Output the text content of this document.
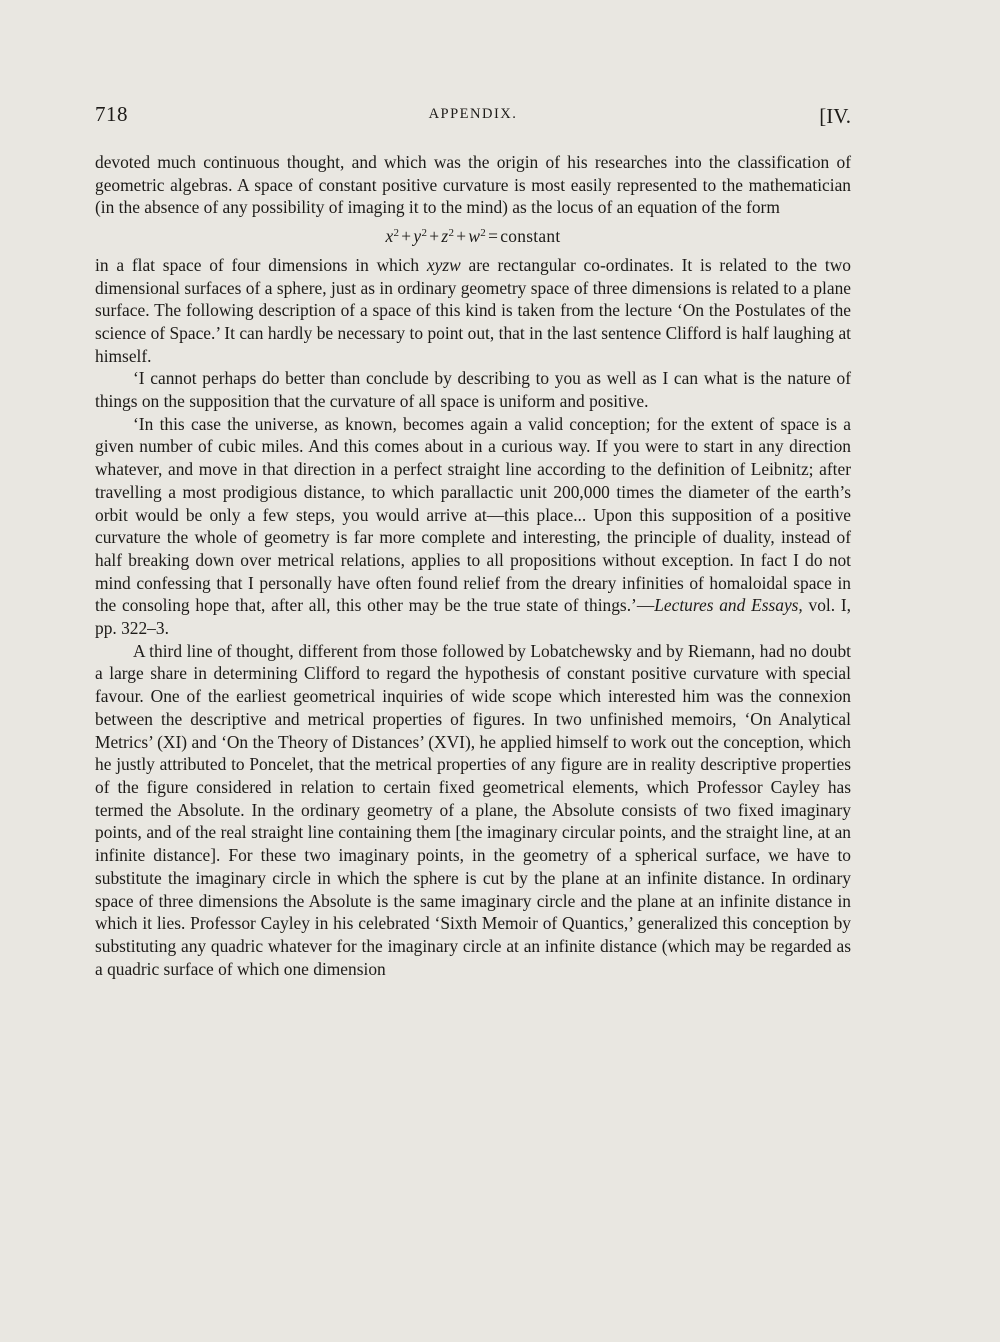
718	APPENDIX.	[IV.

devoted much continuous thought, and which was the origin of his researches into the classification of geometric algebras. A space of constant positive curvature is most easily represented to the mathematician (in the absence of any possibility of imaging it to the mind) as the locus of an equation of the form

$x^2 + y^2 + z^2 + w^2$ = constant

in a flat space of four dimensions in which xyzw are rectangular co-ordinates. It is related to the two dimensional surfaces of a sphere, just as in ordinary geometry space of three dimensions is related to a plane surface. The following description of a space of this kind is taken from the lecture ‘On the Postulates of the science of Space.’ It can hardly be necessary to point out, that in the last sentence Clifford is half laughing at himself.

‘I cannot perhaps do better than conclude by describing to you as well as I can what is the nature of things on the supposition that the curvature of all space is uniform and positive.

‘In this case the universe, as known, becomes again a valid conception; for the extent of space is a given number of cubic miles. And this comes about in a curious way. If you were to start in any direction whatever, and move in that direction in a perfect straight line according to the definition of Leibnitz; after travelling a most prodigious distance, to which parallactic unit 200,000 times the diameter of the earth’s orbit would be only a few steps, you would arrive at—this place... Upon this supposition of a positive curvature the whole of geometry is far more complete and interesting, the principle of duality, instead of half breaking down over metrical relations, applies to all propositions without exception. In fact I do not mind confessing that I personally have often found relief from the dreary infinities of homaloidal space in the consoling hope that, after all, this other may be the true state of things.’—Lectures and Essays, vol. I, pp. 322–3.

A third line of thought, different from those followed by Lobatchewsky and by Riemann, had no doubt a large share in determining Clifford to regard the hypothesis of constant positive curvature with special favour. One of the earliest geometrical inquiries of wide scope which interested him was the connexion between the descriptive and metrical properties of figures. In two unfinished memoirs, ‘On Analytical Metrics’ (XI) and ‘On the Theory of Distances’ (XVI), he applied himself to work out the conception, which he justly attributed to Poncelet, that the metrical properties of any figure are in reality descriptive properties of the figure considered in relation to certain fixed geometrical elements, which Professor Cayley has termed the Absolute. In the ordinary geometry of a plane, the Absolute consists of two fixed imaginary points, and of the real straight line containing them [the imaginary circular points, and the straight line, at an infinite distance]. For these two imaginary points, in the geometry of a spherical surface, we have to substitute the imaginary circle in which the sphere is cut by the plane at an infinite distance. In ordinary space of three dimensions the Absolute is the same imaginary circle and the plane at an infinite distance in which it lies. Professor Cayley in his celebrated ‘Sixth Memoir of Quantics,’ generalized this conception by substituting any quadric whatever for the imaginary circle at an infinite distance (which may be regarded as a quadric surface of which one dimension
